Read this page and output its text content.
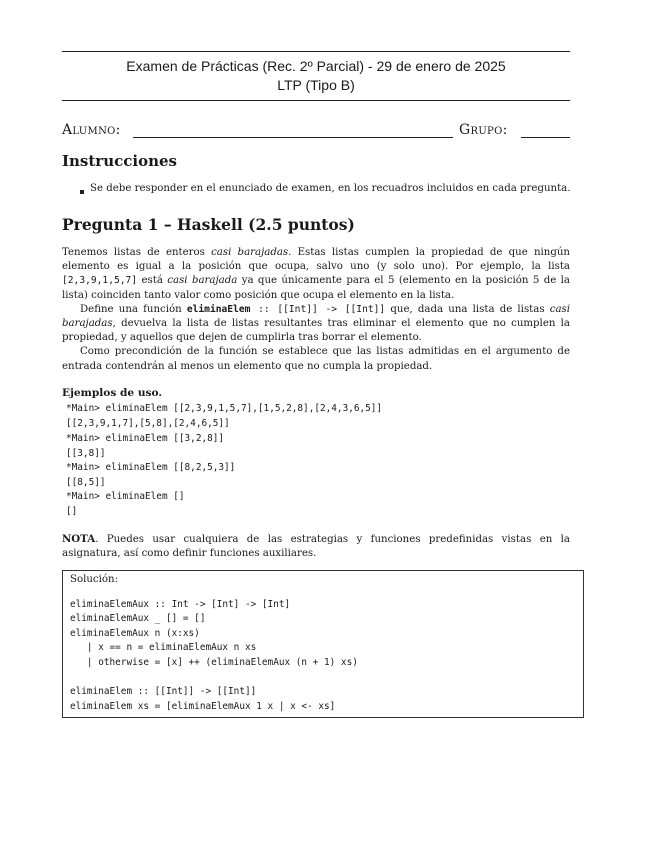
Examen de Prácticas (Rec. 2º Parcial) - 29 de enero de 2025
LTP (Tipo B)
Alumno:	Grupo:
Instrucciones
Se debe responder en el enunciado de examen, en los recuadros incluidos en cada pregunta.
Pregunta 1 – Haskell (2.5 puntos)

Tenemos listas de enteros casi barajadas. Estas listas cumplen la propiedad de que ningún elemento es igual a la posición que ocupa, salvo uno (y solo uno). Por ejemplo, la lista [2,3,9,1,5,7] está casi barajada ya que únicamente para el 5 (elemento en la posición 5 de la lista) coinciden tanto valor como posición que ocupa el elemento en la lista.

Define una función eliminaElem :: [[Int]] -> [[Int]] que, dada una lista de listas casi barajadas, devuelva la lista de listas resultantes tras eliminar el elemento que no cumplen la propiedad, y aquellos que dejen de cumplirla tras borrar el elemento.

Como precondición de la función se establece que las listas admitidas en el argumento de entrada contendrán al menos un elemento que no cumpla la propiedad.

Ejemplos de uso.
*Main> eliminaElem [[2,3,9,1,5,7],[1,5,2,8],[2,4,3,6,5]]
[[2,3,9,1,7],[5,8],[2,4,6,5]]
*Main> eliminaElem [[3,2,8]]
[[3,8]]
*Main> eliminaElem [[8,2,5,3]]
[[8,5]]
*Main> eliminaElem []
[]

NOTA. Puedes usar cualquiera de las estrategias y funciones predefinidas vistas en la asignatura, así como definir funciones auxiliares.

Solución:
eliminaElemAux :: Int -> [Int] -> [Int]
eliminaElemAux _ [] = []
eliminaElemAux n (x:xs)
| x == n = eliminaElemAux n xs
| otherwise = [x] ++ (eliminaElemAux (n + 1) xs)
eliminaElem :: [[Int]] -> [[Int]]
eliminaElem xs = [eliminaElemAux 1 x | x <- xs]
